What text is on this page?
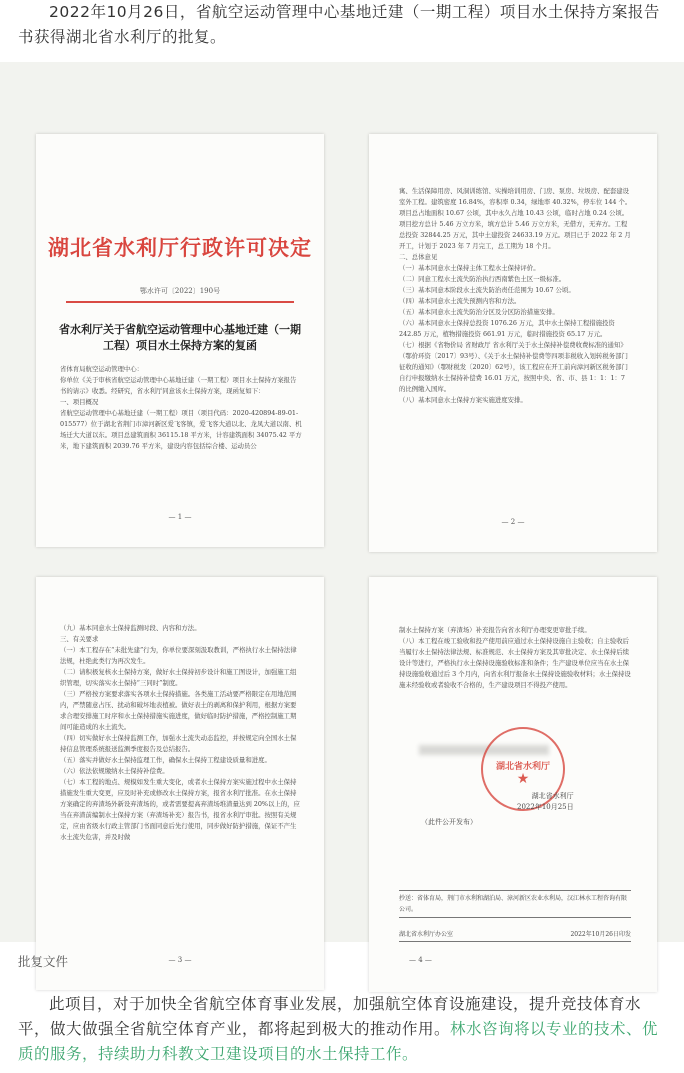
2022年10月26日，省航空运动管理中心基地迁建（一期工程）项目水土保持方案报告书获得湖北省水利厅的批复。

湖北省水利厅行政许可决定
鄂水许可〔2022〕190号
省水利厅关于省航空运动管理中心基地迁建（一期工程）项目水土保持方案的复函

省体育局航空运动管理中心：
你单位《关于审核省航空运动管理中心基地迁建（一期工程）项目水土保持方案报告书的请示》收悉。经研究，省水利厅同意该水土保持方案，现函复如下：
一、项目概况
省航空运动管理中心基地迁建（一期工程）项目（项目代码：2020-420894-89-01-015577）位于湖北省荆门市漳河新区爱飞客镇，爱飞客大道以北、龙凤大道以南、机场迁大大道以东。项目总建筑面积 36115.18 平方米，计容建筑面积 34075.42 平方米，地下建筑面积 2039.76 平方米，建设内容包括综合楼、运动员公

— 1 —

寓、生活保障用房、风洞训练馆、实操培训用房、门房、泵房、垃圾房、配套建设室外工程。建筑密度 16.84%，容积率 0.34，绿地率 40.32%，停车位 144 个。
项目总占地面积 10.67 公顷，其中永久占地 10.43 公顷，临时占地 0.24 公顷。项目挖方总计 5.46 万立方米，填方总计 5.46 万立方米，无借方，无弃方。工程总投资 32844.25 万元，其中土建投资 24633.19 万元。项目已于 2022 年 2 月开工，计划于 2023 年 7 月完工，总工期为 18 个月。
二、总体意见
（一）基本同意水土保持主体工程水土保持评价。
（二）同意工程水土流失防治执行西南紫色土区一级标准。
（三）基本同意本阶段水土流失防治责任范围为 10.67 公顷。
（四）基本同意水土流失预测内容和方法。
（五）基本同意水土流失防治分区及分区防治措施安排。
（六）基本同意水土保持总投资 1076.26 万元，其中水土保持工程措施投资 242.85 万元，植物措施投资 661.91 万元，临时措施投资 65.17 万元。
（七）根据《省物价局 省财政厅 省水利厅关于水土保持补偿费收费标准的通知》（鄂价环资〔2017〕93号）、《关于水土保持补偿费等四项非税收入划转税务部门征收的通知》（鄂财税发〔2020〕62号），该工程应在开工前向漳河新区税务部门自行申报缴纳水土保持补偿费 16.01 万元，按照中央、省、市、县 1：1：1：7 的比例缴入国库。
（八）基本同意水土保持方案实施进度安排。

— 2 —

（九）基本同意水土保持监测时段、内容和方法。
三、有关要求
（一）本工程存在“未批先建”行为，你单位要深刻汲取教训，严格执行水土保持法律法规，杜绝此类行为再次发生。
（二）请积极复核水土保持方案，做好水土保持初步设计和施工图设计，加强施工组织管理，切实落实水土保持“三同时”制度。
（三）严格按方案要求落实各项水土保持措施。各类施工活动要严格限定在用地范围内，严禁随意占压、扰动和破坏地表植被。做好表土的剥离和保护利用，根据方案要求合理安排施工时序和水土保持措施实施进度，做好临时防护措施，严格控制施工期间可能造成的水土流失。
（四）切实做好水土保持监测工作，加强水土流失动态监控，并按规定向全国水土保持信息管理系统报送监测季度报告及总结报告。
（五）落实并做好水土保持监理工作，确保水土保持工程建设质量和进度。
（六）依法依规缴纳水土保持补偿费。
（七）本工程的地点、规模如发生重大变化，或者水土保持方案实施过程中水土保持措施发生重大变更，应及时补充或修改水土保持方案，报省水利厅批准。在水土保持方案确定的弃渣场外新设弃渣场的，或者需要提高弃渣场堆渣量达到 20%以上的，应当在弃渣前编制水土保持方案（弃渣场补充）报告书，报省水利厅审批。按照有关规定，应由省级水行政主管部门书面同意后先行使用，同步做好防护措施，保证不产生水土流失危害，并及时做

— 3 —

制水土保持方案（弃渣场）补充报告向省水利厅办理变更审批手续。
（八）本工程在竣工验收和投产使用前应通过水土保持设施自主验收；自主验收后当履行水土保持法律法规、标准规范、水土保持方案及其审批决定、水土保持后续设计等进行，严格执行水土保持设施验收标准和条件；生产建设单位应当在水土保持设施验收通过后 3 个月内，向省水利厅报备水土保持设施验收材料；水土保持设施未经验收或者验收不合格的，生产建设项目不得投产使用。

湖北省水利厅
★
湖北省水利厅
2022年10月25日
（此件公开发布）
抄送：省体育局，荆门市水利和湖泊局、漳河新区农业水利局，汉江林水工程咨询有限公司。
湖北省水利厅办公室	2022年10月26日印发
— 4 —
批复文件

此项目，对于加快全省航空体育事业发展，加强航空体育设施建设，提升竞技体育水平，做大做强全省航空体育产业，都将起到极大的推动作用。林水咨询将以专业的技术、优质的服务，持续助力科教文卫建设项目的水土保持工作。
